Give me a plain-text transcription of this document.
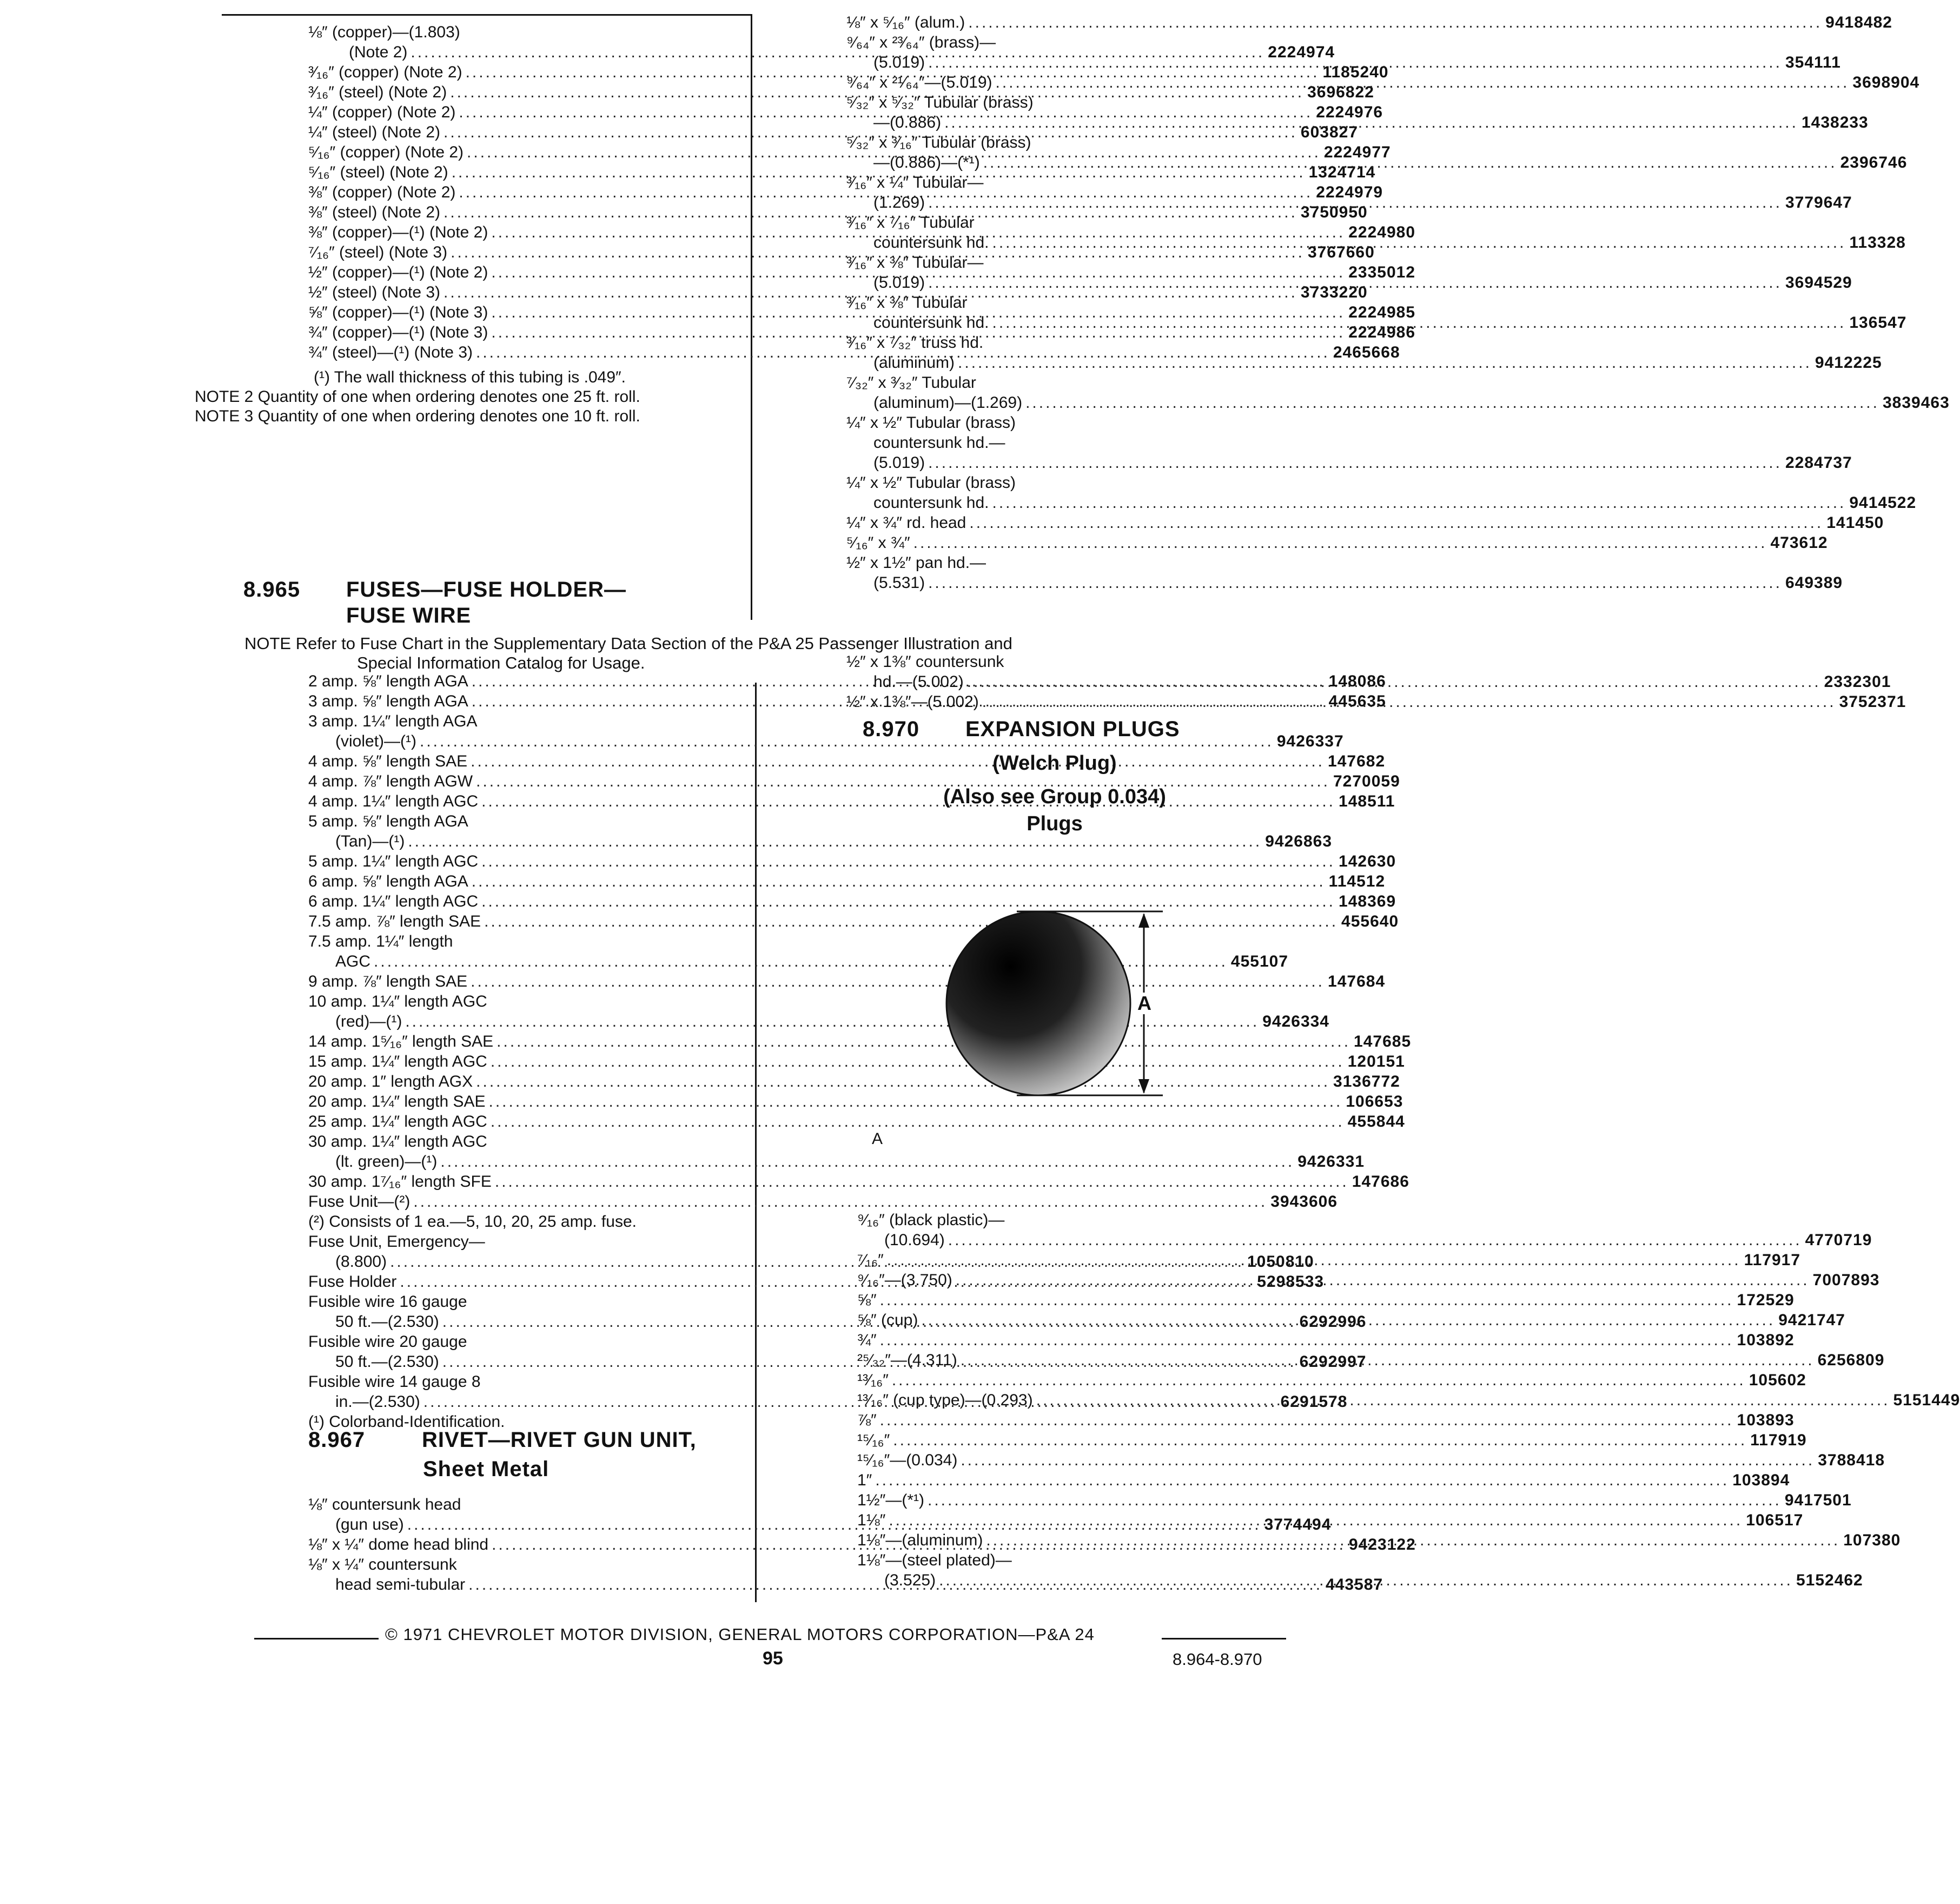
⅛″ (copper)—(1.803)
(Note 2) .....	2224974
³⁄₁₆″ (copper) (Note 2) .....	1185240
³⁄₁₆″ (steel) (Note 2) .....	3696822
¼″ (copper) (Note 2) .....	2224976
¼″ (steel) (Note 2) .....	603827
⁵⁄₁₆″ (copper) (Note 2) .....	2224977
⁵⁄₁₆″ (steel) (Note 2) .....	1324714
⅜″ (copper) (Note 2) .....	2224979
⅜″ (steel) (Note 2) .....	3750950
⅜″ (copper)—(¹) (Note 2) .....	2224980
⁷⁄₁₆″ (steel) (Note 3) .....	3767660
½″ (copper)—(¹) (Note 2) .....	2335012
½″ (steel) (Note 3) .....	3733220
⅝″ (copper)—(¹) (Note 3) .....	2224985
¾″ (copper)—(¹) (Note 3) .....	2224986
¾″ (steel)—(¹) (Note 3) .....	2465668
(¹) The wall thickness of this tubing is .049″.
NOTE 2 Quantity of one when ordering denotes one 25 ft. roll.
NOTE 3 Quantity of one when ordering denotes one 10 ft. roll.
⅛″ x ⁵⁄₁₆″ (alum.) .....	9418482
⁹⁄₆₄″ x ²³⁄₆₄″ (brass)—
(5.019) .....	354111
⁹⁄₆₄″ x ²¹⁄₆₄″—(5.019) .....	3698904
⁵⁄₃₂″ x ⁵⁄₃₂″ Tubular (brass)
—(0.886) .....	1438233
⁵⁄₃₂″ x ³⁄₁₆″ Tubular (brass)
—(0.886)—(*¹) .....	2396746
³⁄₁₆″ x ¼″ Tubular—
(1.269) .....	3779647
³⁄₁₆″ x ⁷⁄₁₆″ Tubular
countersunk hd. .....	113328
³⁄₁₆″ x ⅜″ Tubular—
(5.019) .....	3694529
³⁄₁₆″ x ⅜″ Tubular
countersunk hd. .....	136547
³⁄₁₆″ x ⁷⁄₃₂″ truss hd.
(aluminum) .....	9412225
⁷⁄₃₂″ x ³⁄₃₂″ Tubular
(aluminum)—(1.269) .....	3839463
¼″ x ½″ Tubular (brass)
countersunk hd.—
(5.019) .....	2284737
¼″ x ½″ Tubular (brass)
countersunk hd. .....	9414522
¼″ x ¾″ rd. head .....	141450
⁵⁄₁₆″ x ¾″ .....	473612
½″ x 1½″ pan hd.—
(5.531) .....	649389
8.965 FUSES—FUSE HOLDER—
FUSE WIRE
NOTE Refer to Fuse Chart in the Supplementary Data Section of the P&A 25 Passenger Illustration and
Special Information Catalog for Usage.
2 amp. ⅝″ length AGA .....	148086
3 amp. ⅝″ length AGA .....	445635
3 amp. 1¼″ length AGA
(violet)—(¹) .....	9426337
4 amp. ⅝″ length SAE .....	147682
4 amp. ⅞″ length AGW .....	7270059
4 amp. 1¼″ length AGC .....	148511
5 amp. ⅝″ length AGA
(Tan)—(¹) .....	9426863
5 amp. 1¼″ length AGC .....	142630
6 amp. ⅝″ length AGA .....	114512
6 amp. 1¼″ length AGC .....	148369
7.5 amp. ⅞″ length SAE .....	455640
7.5 amp. 1¼″ length
AGC .....	455107
9 amp. ⅞″ length SAE .....	147684
10 amp. 1¼″ length AGC
(red)—(¹) .....	9426334
14 amp. 1⁵⁄₁₆″ length SAE .....	147685
15 amp. 1¼″ length AGC .....	120151
20 amp. 1″ length AGX .....	3136772
20 amp. 1¼″ length SAE .....	106653
25 amp. 1¼″ length AGC .....	455844
30 amp. 1¼″ length AGC
(lt. green)—(¹) .....	9426331
30 amp. 1⁷⁄₁₆″ length SFE .....	147686
Fuse Unit—(²) .....	3943606
(²) Consists of 1 ea.—5, 10, 20, 25 amp. fuse.
Fuse Unit, Emergency—
(8.800) .....	1050810
Fuse Holder .....	5298533
Fusible wire 16 gauge
50 ft.—(2.530) .....	6292996
Fusible wire 20 gauge
50 ft.—(2.530) .....	6292997
Fusible wire 14 gauge 8
in.—(2.530) .....	6291578
(¹) Colorband-Identification.
8.967	RIVET—RIVET GUN UNIT,
Sheet Metal
⅛″ countersunk head
(gun use) .....	3774494
⅛″ x ¼″ dome head blind .....	9423122
⅛″ x ¼″ countersunk
head semi-tubular .....	443587
½″ x 1⅜″ countersunk
hd.—(5.002) .....	2332301
½″ x 1⅜″—(5.002) .....	3752371
8.970 EXPANSION PLUGS
(Welch Plug)
(Also see Group 0.034)
Plugs
A
A
⁹⁄₁₆″ (black plastic)—
(10.694) .....	4770719
⁷⁄₁₆″ .....	117917
⁹⁄₁₆″—(3.750) .....	7007893
⅝″ .....	172529
⅝″ (cup) .....	9421747
¾″ .....	103892
²⁵⁄₃₂″—(4.311) .....	6256809
¹³⁄₁₆″ .....	105602
¹³⁄₁₆″ (cup type)—(0.293) .....	5151449
⅞″ .....	103893
¹⁵⁄₁₆″ .....	117919
¹⁵⁄₁₆″—(0.034) .....	3788418
1″ .....	103894
1½″—(*¹) .....	9417501
1⅛″ .....	106517
1⅛″—(aluminum) .....	107380
1⅛″—(steel plated)—
(3.525) .....	5152462
© 1971 CHEVROLET MOTOR DIVISION, GENERAL MOTORS CORPORATION—P&A 24
95	8.964-8.970
